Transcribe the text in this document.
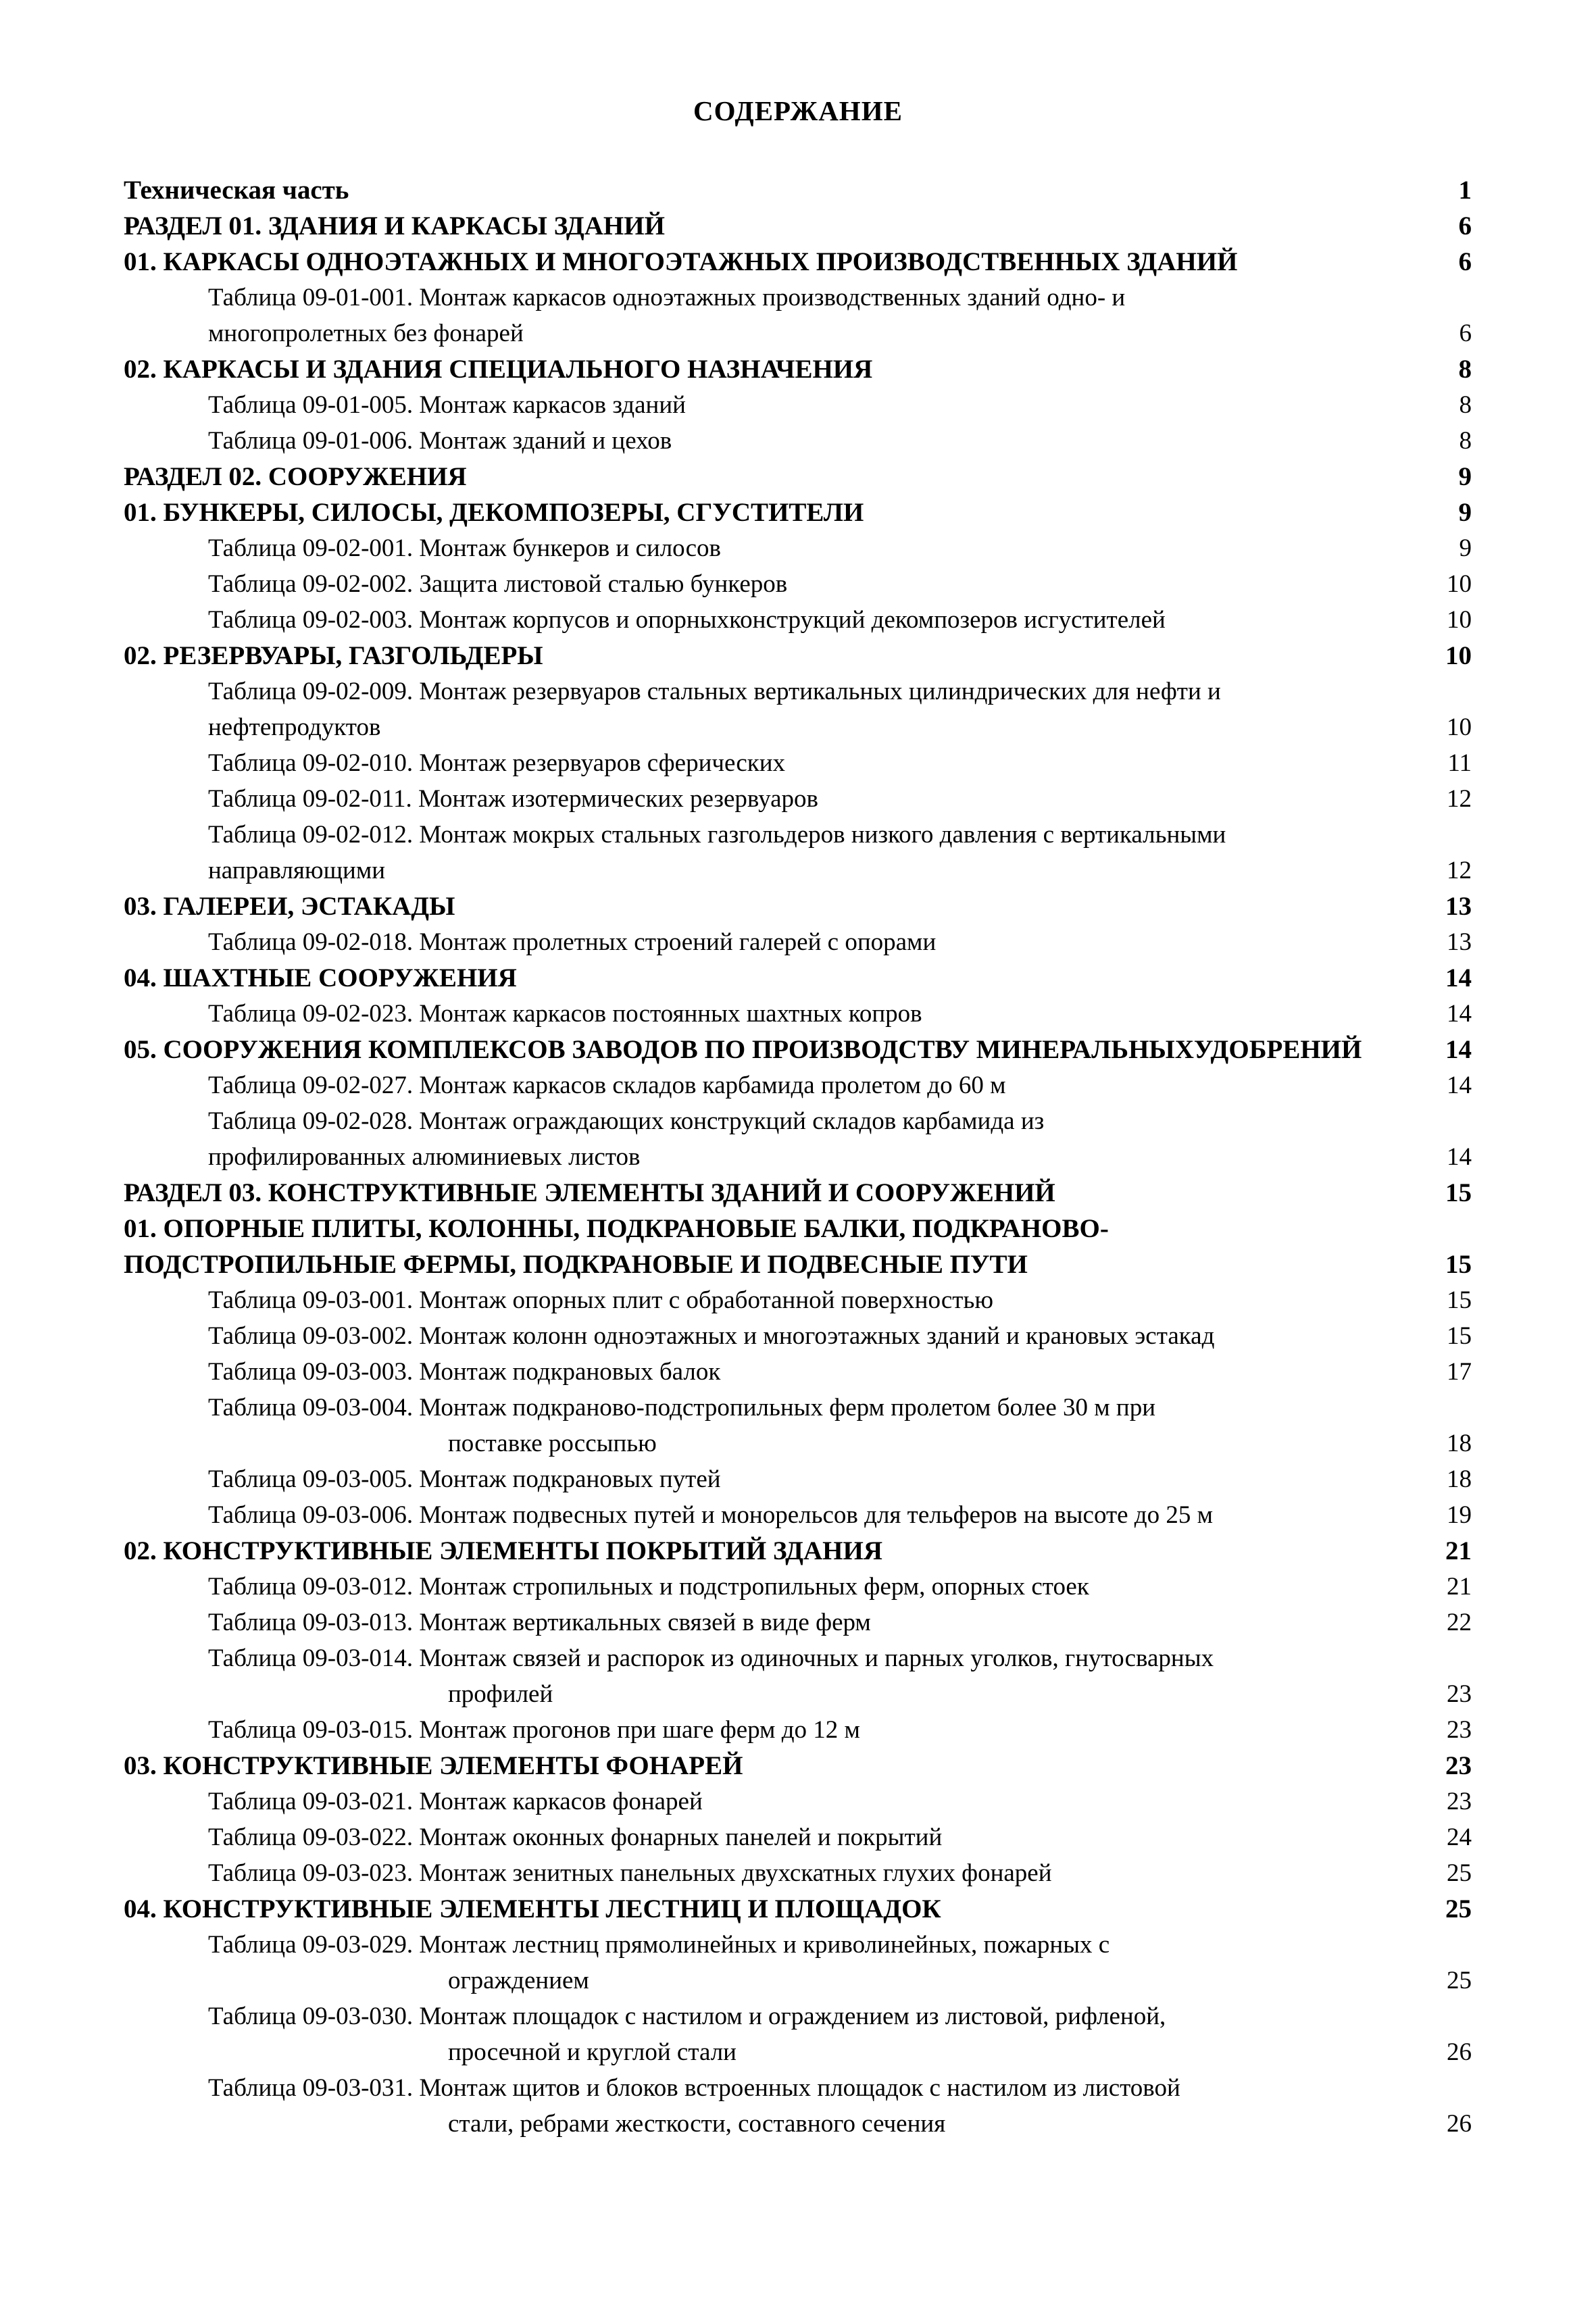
СОДЕРЖАНИЕ
Техническая часть	1
РАЗДЕЛ 01. ЗДАНИЯ И КАРКАСЫ ЗДАНИЙ	6
01. КАРКАСЫ ОДНОЭТАЖНЫХ И МНОГОЭТАЖНЫХ ПРОИЗВОДСТВЕННЫХ ЗДАНИЙ	6
Таблица 09-01-001. Монтаж каркасов одноэтажных производственных зданий одно- и
многопролетных без фонарей	6
02. КАРКАСЫ И ЗДАНИЯ СПЕЦИАЛЬНОГО НАЗНАЧЕНИЯ	8
Таблица 09-01-005. Монтаж каркасов зданий	8
Таблица 09-01-006. Монтаж зданий и цехов	8
РАЗДЕЛ 02. СООРУЖЕНИЯ	9
01. БУНКЕРЫ, СИЛОСЫ, ДЕКОМПОЗЕРЫ, СГУСТИТЕЛИ	9
Таблица 09-02-001. Монтаж бункеров и силосов	9
Таблица 09-02-002. Защита листовой сталью бункеров	10
Таблица 09-02-003. Монтаж корпусов и опорныхконструкций декомпозеров исгустителей	10
02. РЕЗЕРВУАРЫ, ГАЗГОЛЬДЕРЫ	10
Таблица 09-02-009. Монтаж резервуаров стальных вертикальных цилиндрических для нефти и
нефтепродуктов	10
Таблица 09-02-010. Монтаж резервуаров сферических	11
Таблица 09-02-011. Монтаж изотермических резервуаров	12
Таблица 09-02-012. Монтаж мокрых стальных газгольдеров низкого давления с вертикальными
направляющими	12
03. ГАЛЕРЕИ, ЭСТАКАДЫ	13
Таблица 09-02-018. Монтаж пролетных строений галерей с опорами	13
04. ШАХТНЫЕ СООРУЖЕНИЯ	14
Таблица 09-02-023. Монтаж каркасов постоянных шахтных копров	14
05. СООРУЖЕНИЯ КОМПЛЕКСОВ ЗАВОДОВ ПО ПРОИЗВОДСТВУ МИНЕРАЛЬНЫХУДОБРЕНИЙ	14
Таблица 09-02-027. Монтаж каркасов складов карбамида пролетом до 60 м	14
Таблица 09-02-028. Монтаж ограждающих конструкций складов карбамида из
профилированных алюминиевых листов	14
РАЗДЕЛ 03. КОНСТРУКТИВНЫЕ ЭЛЕМЕНТЫ ЗДАНИЙ И СООРУЖЕНИЙ	15
01. ОПОРНЫЕ ПЛИТЫ, КОЛОННЫ, ПОДКРАНОВЫЕ БАЛКИ, ПОДКРАНОВО-ПОДСТРОПИЛЬНЫЕ ФЕРМЫ, ПОДКРАНОВЫЕ И ПОДВЕСНЫЕ ПУТИ	15
Таблица 09-03-001. Монтаж опорных плит с обработанной поверхностью	15
Таблица 09-03-002. Монтаж колонн одноэтажных и многоэтажных зданий и крановых эстакад	15
Таблица 09-03-003. Монтаж подкрановых балок	17
Таблица 09-03-004. Монтаж подкраново-подстропильных ферм пролетом более 30 м при
поставке россыпью	18
Таблица 09-03-005. Монтаж подкрановых путей	18
Таблица 09-03-006. Монтаж подвесных путей и монорельсов для тельферов на высоте до 25 м	19
02. КОНСТРУКТИВНЫЕ ЭЛЕМЕНТЫ ПОКРЫТИЙ ЗДАНИЯ	21
Таблица 09-03-012. Монтаж стропильных и подстропильных ферм, опорных стоек	21
Таблица 09-03-013. Монтаж вертикальных связей в виде ферм	22
Таблица 09-03-014. Монтаж связей и распорок из одиночных и парных уголков, гнутосварных
профилей	23
Таблица 09-03-015. Монтаж прогонов при шаге ферм до 12 м	23
03. КОНСТРУКТИВНЫЕ ЭЛЕМЕНТЫ ФОНАРЕЙ	23
Таблица 09-03-021. Монтаж каркасов фонарей	23
Таблица 09-03-022. Монтаж оконных фонарных панелей и покрытий	24
Таблица 09-03-023. Монтаж зенитных панельных двухскатных глухих фонарей	25
04. КОНСТРУКТИВНЫЕ ЭЛЕМЕНТЫ ЛЕСТНИЦ И ПЛОЩАДОК	25
Таблица 09-03-029. Монтаж лестниц прямолинейных и криволинейных, пожарных с
ограждением	25
Таблица 09-03-030. Монтаж площадок с настилом и ограждением из листовой, рифленой,
просечной и круглой стали	26
Таблица 09-03-031. Монтаж щитов и блоков встроенных площадок с настилом из листовой
стали, ребрами жесткости, составного сечения	26
